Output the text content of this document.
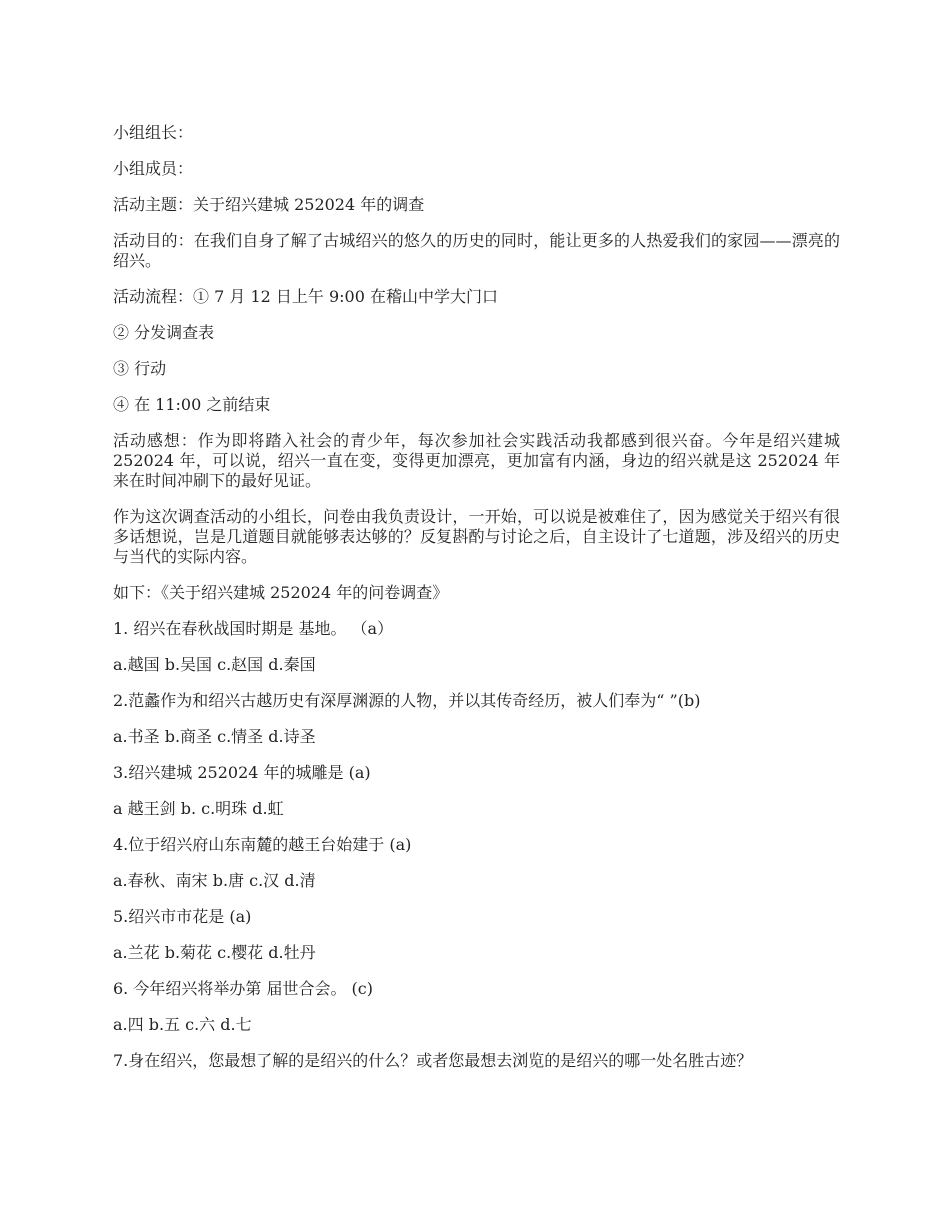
小组组长：

小组成员：

活动主题：关于绍兴建城 252024 年的调查

活动目的：在我们自身了解了古城绍兴的悠久的历史的同时，能让更多的人热爱我们的家园——漂亮的绍兴。

活动流程：① 7 月 12 日上午 9:00 在稽山中学大门口

② 分发调查表

③ 行动

④ 在 11:00 之前结束

活动感想：作为即将踏入社会的青少年，每次参加社会实践活动我都感到很兴奋。今年是绍兴建城 252024 年，可以说，绍兴一直在变，变得更加漂亮，更加富有内涵，身边的绍兴就是这 252024 年来在时间冲刷下的最好见证。

作为这次调查活动的小组长，问卷由我负责设计，一开始，可以说是被难住了，因为感觉关于绍兴有很多话想说，岂是几道题目就能够表达够的？反复斟酌与讨论之后，自主设计了七道题，涉及绍兴的历史与当代的实际内容。

如下：《关于绍兴建城 252024 年的问卷调查》

1. 绍兴在春秋战国时期是 基地。 （a）

a.越国 b.吴国 c.赵国 d.秦国

2.范蠡作为和绍兴古越历史有深厚渊源的人物，并以其传奇经历，被人们奉为“ ”(b)

a.书圣 b.商圣 c.情圣 d.诗圣

3.绍兴建城 252024 年的城雕是 (a)

a 越王剑 b. c.明珠 d.虹

4.位于绍兴府山东南麓的越王台始建于 (a)

a.春秋、南宋 b.唐 c.汉 d.清

5.绍兴市市花是 (a)

a.兰花 b.菊花 c.樱花 d.牡丹

6. 今年绍兴将举办第 届世合会。 (c)

a.四 b.五 c.六 d.七

7.身在绍兴，您最想了解的是绍兴的什么？或者您最想去浏览的是绍兴的哪一处名胜古迹？
